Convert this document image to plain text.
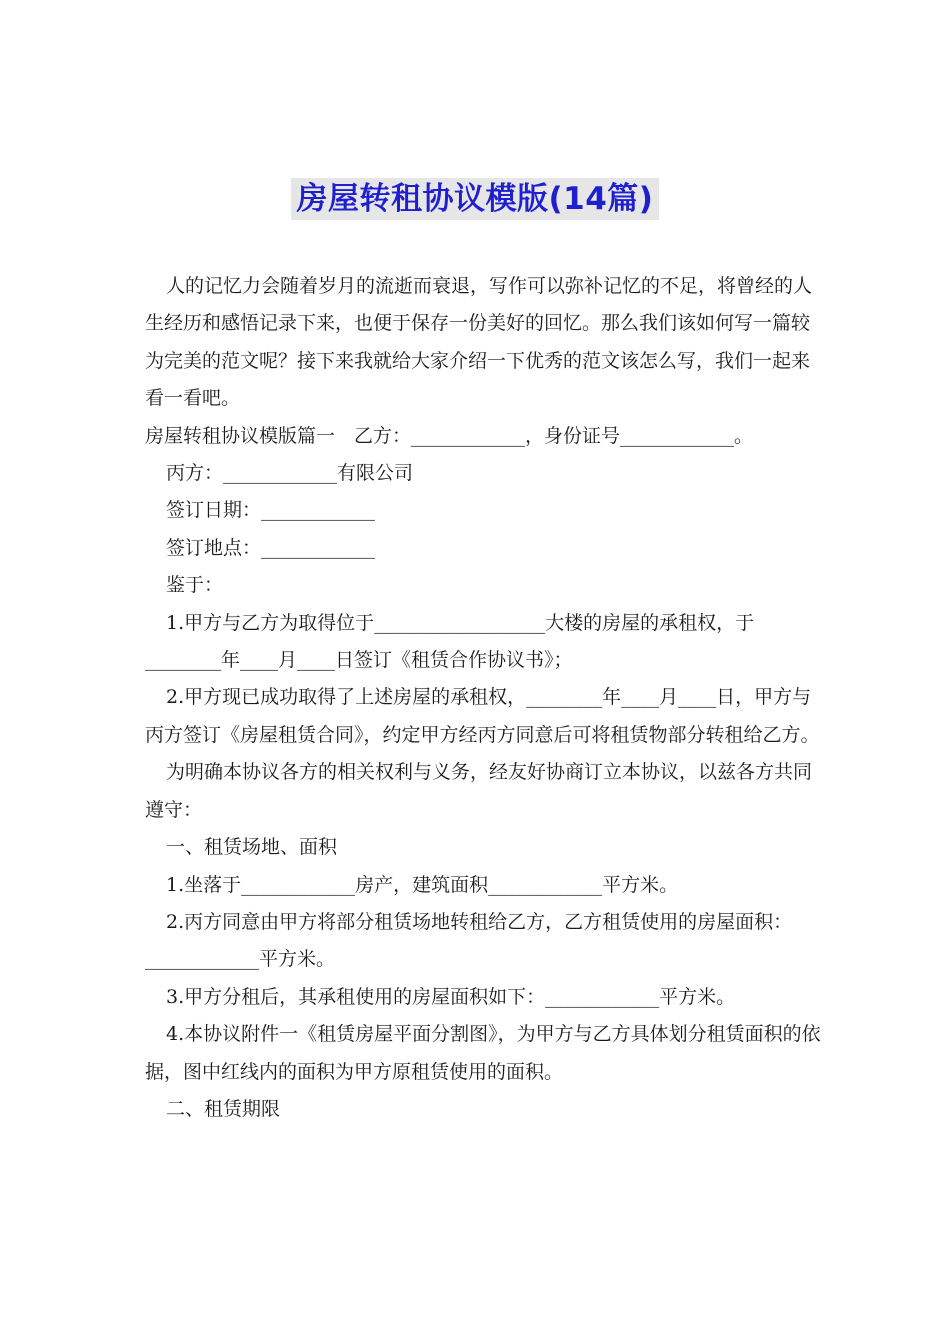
房屋转租协议模版(14篇)

人的记忆力会随着岁月的流逝而衰退，写作可以弥补记忆的不足，将曾经的人生经历和感悟记录下来，也便于保存一份美好的回忆。那么我们该如何写一篇较为完美的范文呢？接下来我就给大家介绍一下优秀的范文该怎么写，我们一起来看一看吧。

房屋转租协议模版篇一　乙方：____________，身份证号____________。

丙方：____________有限公司

签订日期：____________

签订地点：____________

鉴于：

1.甲方与乙方为取得位于__________________大楼的房屋的承租权，于________年____月____日签订《租赁合作协议书》；

2.甲方现已成功取得了上述房屋的承租权，________年____月____日，甲方与丙方签订《房屋租赁合同》，约定甲方经丙方同意后可将租赁物部分转租给乙方。

为明确本协议各方的相关权利与义务，经友好协商订立本协议，以兹各方共同遵守：

一、租赁场地、面积

1.坐落于____________房产，建筑面积____________平方米。

2.丙方同意由甲方将部分租赁场地转租给乙方，乙方租赁使用的房屋面积：____________平方米。

3.甲方分租后，其承租使用的房屋面积如下：____________平方米。

4.本协议附件一《租赁房屋平面分割图》，为甲方与乙方具体划分租赁面积的依据，图中红线内的面积为甲方原租赁使用的面积。

二、租赁期限
